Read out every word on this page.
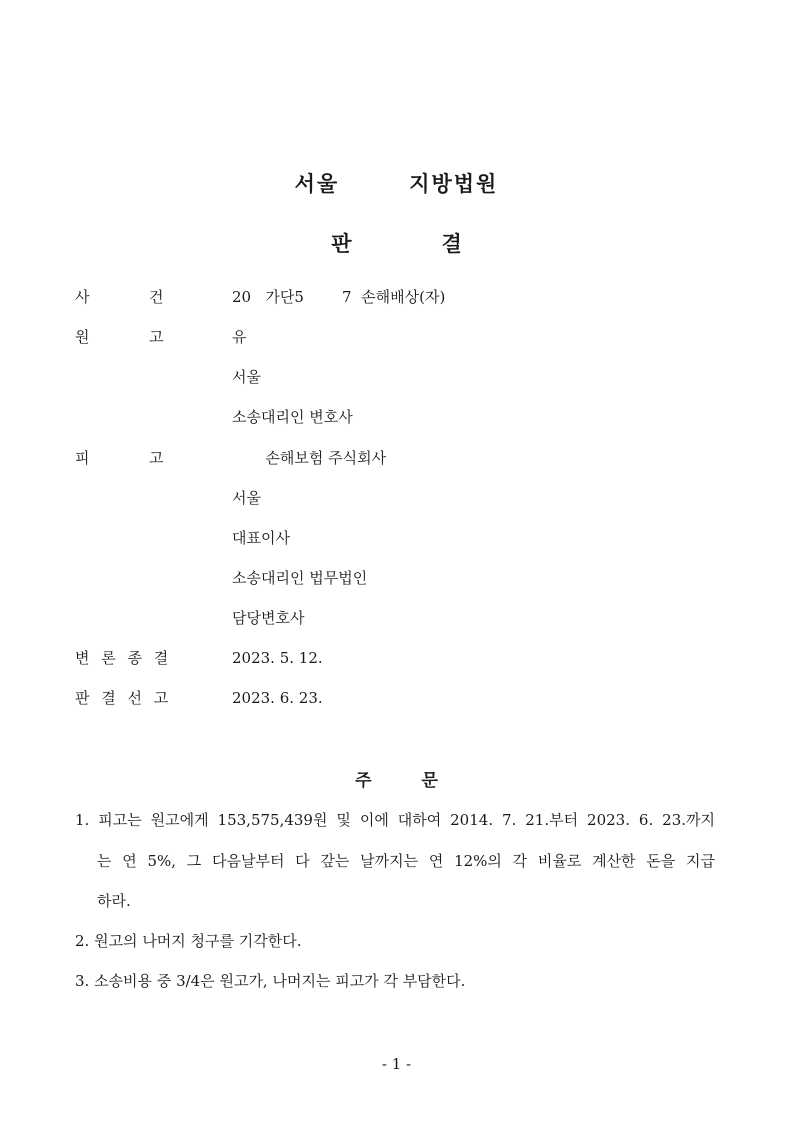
서울	지방법원
판	결
사	건	20   가단5        7  손해배상(자)
원	고	유
서울
소송대리인 변호사
피	고	손해보험 주식회사
서울
대표이사
소송대리인 법무법인
담당변호사
변 론 종 결	2023. 5. 12.
판 결 선 고	2023. 6. 23.
주	문
1. 피고는 원고에게 153,575,439원 및 이에 대하여 2014. 7. 21.부터 2023. 6. 23.까지
는 연 5%, 그 다음날부터 다 갚는 날까지는 연 12%의 각 비율로 계산한 돈을 지급
하라.
2. 원고의 나머지 청구를 기각한다.
3. 소송비용 중 3/4은 원고가, 나머지는 피고가 각 부담한다.
- 1 -
